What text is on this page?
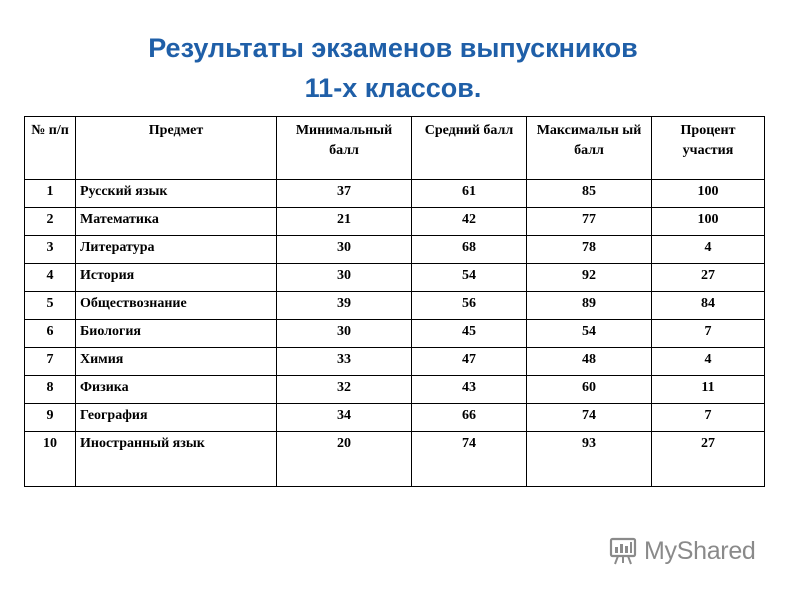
Результаты экзаменов выпускников
11-х классов.
№ п/п	Предмет	Минимальный балл	Средний балл	Максимальн ый балл	Процент участия
1	Русский язык	37	61	85	100
2	Математика	21	42	77	100
3	Литература	30	68	78	4
4	История	30	54	92	27
5	Обществознание	39	56	89	84
6	Биология	30	45	54	7
7	Химия	33	47	48	4
8	Физика	32	43	60	11
9	География	34	66	74	7
10	Иностранный язык	20	74	93	27
MyShared
